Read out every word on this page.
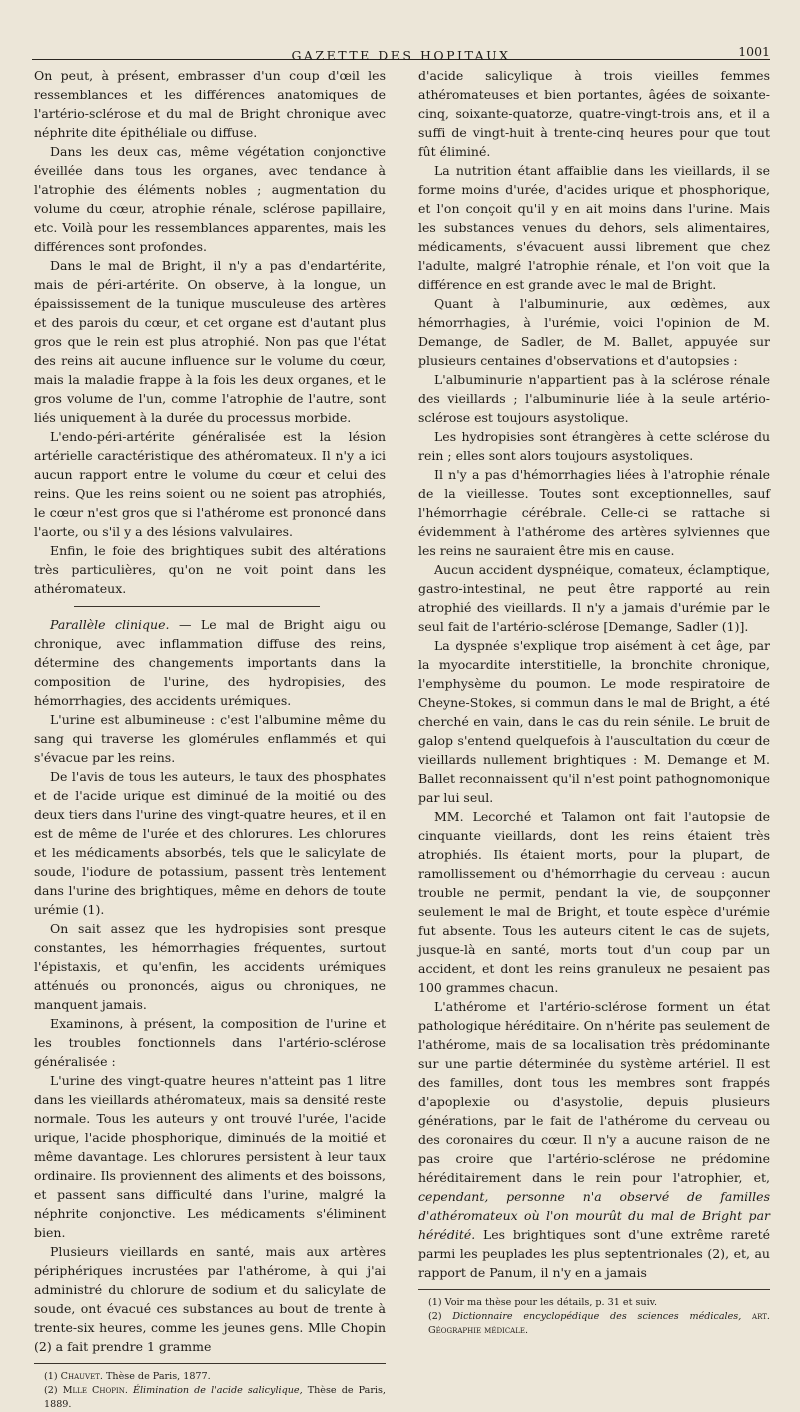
GAZETTE DES HOPITAUX	1001

On peut, à présent, embrasser d'un coup d'œil les ressemblances et les différences anatomiques de l'artério-sclérose et du mal de Bright chronique avec néphrite dite épithéliale ou diffuse.

Dans les deux cas, même végétation conjonctive éveillée dans tous les organes, avec tendance à l'atrophie des éléments nobles ; augmentation du volume du cœur, atrophie rénale, sclérose papillaire, etc. Voilà pour les ressemblances apparentes, mais les différences sont profondes.

Dans le mal de Bright, il n'y a pas d'endartérite, mais de péri-artérite. On observe, à la longue, un épaississement de la tunique musculeuse des artères et des parois du cœur, et cet organe est d'autant plus gros que le rein est plus atrophié. Non pas que l'état des reins ait aucune influence sur le volume du cœur, mais la maladie frappe à la fois les deux organes, et le gros volume de l'un, comme l'atrophie de l'autre, sont liés uniquement à la durée du processus morbide.

L'endo-péri-artérite généralisée est la lésion artérielle caractéristique des athéromateux. Il n'y a ici aucun rapport entre le volume du cœur et celui des reins. Que les reins soient ou ne soient pas atrophiés, le cœur n'est gros que si l'athérome est prononcé dans l'aorte, ou s'il y a des lésions valvulaires.

Enfin, le foie des brightiques subit des altérations très particulières, qu'on ne voit point dans les athéromateux.

Parallèle clinique. — Le mal de Bright aigu ou chronique, avec inflammation diffuse des reins, détermine des changements importants dans la composition de l'urine, des hydropisies, des hémorrhagies, des accidents urémiques.

L'urine est albumineuse : c'est l'albumine même du sang qui traverse les glomérules enflammés et qui s'évacue par les reins.

De l'avis de tous les auteurs, le taux des phosphates et de l'acide urique est diminué de la moitié ou des deux tiers dans l'urine des vingt-quatre heures, et il en est de même de l'urée et des chlorures. Les chlorures et les médicaments absorbés, tels que le salicylate de soude, l'iodure de potassium, passent très lentement dans l'urine des brightiques, même en dehors de toute urémie (1).

On sait assez que les hydropisies sont presque constantes, les hémorrhagies fréquentes, surtout l'épistaxis, et qu'enfin, les accidents urémiques atténués ou prononcés, aigus ou chroniques, ne manquent jamais.

Examinons, à présent, la composition de l'urine et les troubles fonctionnels dans l'artério-sclérose généralisée :

L'urine des vingt-quatre heures n'atteint pas 1 litre dans les vieillards athéromateux, mais sa densité reste normale. Tous les auteurs y ont trouvé l'urée, l'acide urique, l'acide phosphorique, diminués de la moitié et même davantage. Les chlorures persistent à leur taux ordinaire. Ils proviennent des aliments et des boissons, et passent sans difficulté dans l'urine, malgré la néphrite conjonctive. Les médicaments s'éliminent bien.

Plusieurs vieillards en santé, mais aux artères périphériques incrustées par l'athérome, à qui j'ai administré du chlorure de sodium et du salicylate de soude, ont évacué ces substances au bout de trente à trente-six heures, comme les jeunes gens. Mlle Chopin (2) a fait prendre 1 gramme

(1) Chauvet. Thèse de Paris, 1877.

(2) Mlle Chopin. Élimination de l'acide salicylique, Thèse de Paris, 1889.

d'acide salicylique à trois vieilles femmes athéromateuses et bien portantes, âgées de soixante-cinq, soixante-quatorze, quatre-vingt-trois ans, et il a suffi de vingt-huit à trente-cinq heures pour que tout fût éliminé.

La nutrition étant affaiblie dans les vieillards, il se forme moins d'urée, d'acides urique et phosphorique, et l'on conçoit qu'il y en ait moins dans l'urine. Mais les substances venues du dehors, sels alimentaires, médicaments, s'évacuent aussi librement que chez l'adulte, malgré l'atrophie rénale, et l'on voit que la différence en est grande avec le mal de Bright.

Quant à l'albuminurie, aux œdèmes, aux hémorrhagies, à l'urémie, voici l'opinion de M. Demange, de Sadler, de M. Ballet, appuyée sur plusieurs centaines d'observations et d'autopsies :

L'albuminurie n'appartient pas à la sclérose rénale des vieillards ; l'albuminurie liée à la seule artério-sclérose est toujours asystolique.

Les hydropisies sont étrangères à cette sclérose du rein ; elles sont alors toujours asystoliques.

Il n'y a pas d'hémorrhagies liées à l'atrophie rénale de la vieillesse. Toutes sont exceptionnelles, sauf l'hémorrhagie cérébrale. Celle-ci se rattache si évidemment à l'athérome des artères sylviennes que les reins ne sauraient être mis en cause.

Aucun accident dyspnéique, comateux, éclamptique, gastro-intestinal, ne peut être rapporté au rein atrophié des vieillards. Il n'y a jamais d'urémie par le seul fait de l'artério-sclérose [Demange, Sadler (1)].

La dyspnée s'explique trop aisément à cet âge, par la myocardite interstitielle, la bronchite chronique, l'emphysème du poumon. Le mode respiratoire de Cheyne-Stokes, si commun dans le mal de Bright, a été cherché en vain, dans le cas du rein sénile. Le bruit de galop s'entend quelquefois à l'auscultation du cœur de vieillards nullement brightiques : M. Demange et M. Ballet reconnaissent qu'il n'est point pathognomonique par lui seul.

MM. Lecorché et Talamon ont fait l'autopsie de cinquante vieillards, dont les reins étaient très atrophiés. Ils étaient morts, pour la plupart, de ramollissement ou d'hémorrhagie du cerveau : aucun trouble ne permit, pendant la vie, de soupçonner seulement le mal de Bright, et toute espèce d'urémie fut absente. Tous les auteurs citent le cas de sujets, jusque-là en santé, morts tout d'un coup par un accident, et dont les reins granuleux ne pesaient pas 100 grammes chacun.

L'athérome et l'artério-sclérose forment un état pathologique héréditaire. On n'hérite pas seulement de l'athérome, mais de sa localisation très prédominante sur une partie déterminée du système artériel. Il est des familles, dont tous les membres sont frappés d'apoplexie ou d'asystolie, depuis plusieurs générations, par le fait de l'athérome du cerveau ou des coronaires du cœur. Il n'y a aucune raison de ne pas croire que l'artério-sclérose ne prédomine héréditairement dans le rein pour l'atrophier, et, cependant, personne n'a observé de familles d'athéromateux où l'on mourût du mal de Bright par hérédité. Les brightiques sont d'une extrême rareté parmi les peuplades les plus septentrionales (2), et, au rapport de Panum, il n'y en a jamais

(1) Voir ma thèse pour les détails, p. 31 et suiv.

(2) Dictionnaire encyclopédique des sciences médicales, art. Géographie médicale.
